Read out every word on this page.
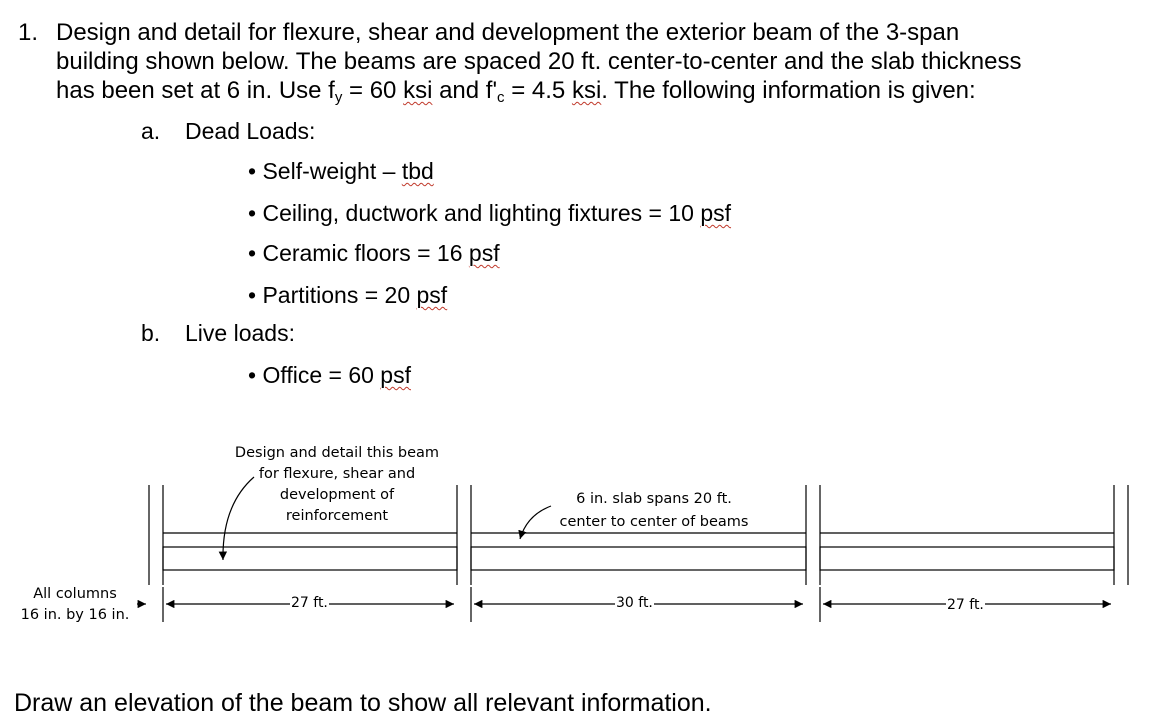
1. Design and detail for flexure, shear and development the exterior beam of the 3-span
building shown below. The beams are spaced 20 ft. center-to-center and the slab thickness
has been set at 6 in. Use $f_y = 60$ ksi and $f'_c = 4.5$ ksi. The following information is given:
a. Dead Loads:
• Self-weight – tbd
• Ceiling, ductwork and lighting fixtures = 10 psf
• Ceramic floors = 16 psf
• Partitions = 20 psf
b. Live loads:
• Office = 60 psf
Design and detail this beam
for flexure, shear and
development of
reinforcement
6 in. slab spans 20 ft.
center to center of beams
All columns
16 in. by 16 in.
27 ft.	30 ft.	27 ft.
Draw an elevation of the beam to show all relevant information.
